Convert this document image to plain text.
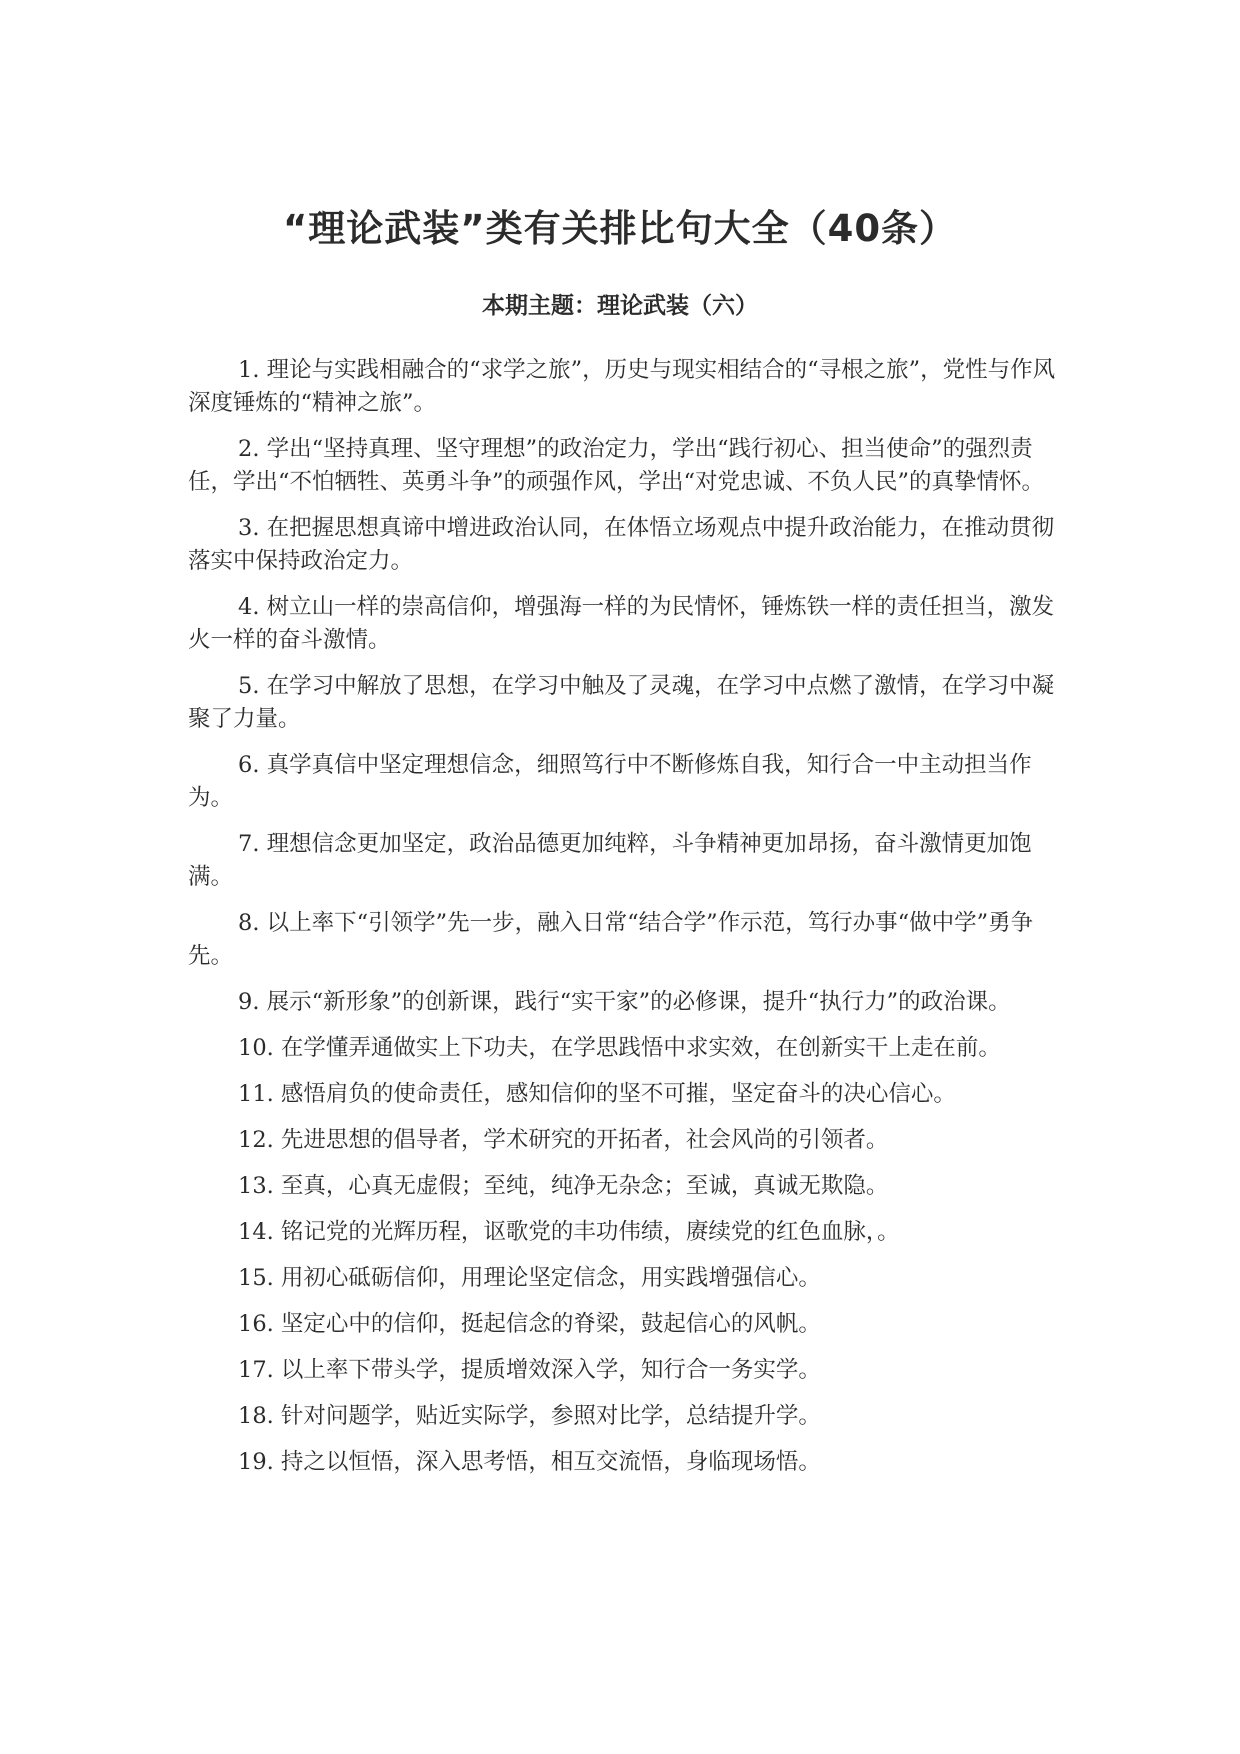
“理论武装”类有关排比句大全（40条）
本期主题：理论武装（六）
1. 理论与实践相融合的“求学之旅”，历史与现实相结合的“寻根之旅”，党性与作风深度锤炼的“精神之旅”。
2. 学出“坚持真理、坚守理想”的政治定力，学出“践行初心、担当使命”的强烈责任，学出“不怕牺牲、英勇斗争”的顽强作风，学出“对党忠诚、不负人民”的真挚情怀。
3. 在把握思想真谛中增进政治认同，在体悟立场观点中提升政治能力，在推动贯彻落实中保持政治定力。
4. 树立山一样的崇高信仰，增强海一样的为民情怀，锤炼铁一样的责任担当，激发火一样的奋斗激情。
5. 在学习中解放了思想，在学习中触及了灵魂，在学习中点燃了激情，在学习中凝聚了力量。
6. 真学真信中坚定理想信念，细照笃行中不断修炼自我，知行合一中主动担当作为。
7. 理想信念更加坚定，政治品德更加纯粹，斗争精神更加昂扬，奋斗激情更加饱满。
8. 以上率下“引领学”先一步，融入日常“结合学”作示范，笃行办事“做中学”勇争先。
9. 展示“新形象”的创新课，践行“实干家”的必修课，提升“执行力”的政治课。
10. 在学懂弄通做实上下功夫，在学思践悟中求实效，在创新实干上走在前。
11. 感悟肩负的使命责任，感知信仰的坚不可摧，坚定奋斗的决心信心。
12. 先进思想的倡导者，学术研究的开拓者，社会风尚的引领者。
13. 至真，心真无虚假；至纯，纯净无杂念；至诚，真诚无欺隐。
14. 铭记党的光辉历程，讴歌党的丰功伟绩，赓续党的红色血脉，。
15. 用初心砥砺信仰，用理论坚定信念，用实践增强信心。
16. 坚定心中的信仰，挺起信念的脊梁，鼓起信心的风帆。
17. 以上率下带头学，提质增效深入学，知行合一务实学。
18. 针对问题学，贴近实际学，参照对比学，总结提升学。
19. 持之以恒悟，深入思考悟，相互交流悟，身临现场悟。
